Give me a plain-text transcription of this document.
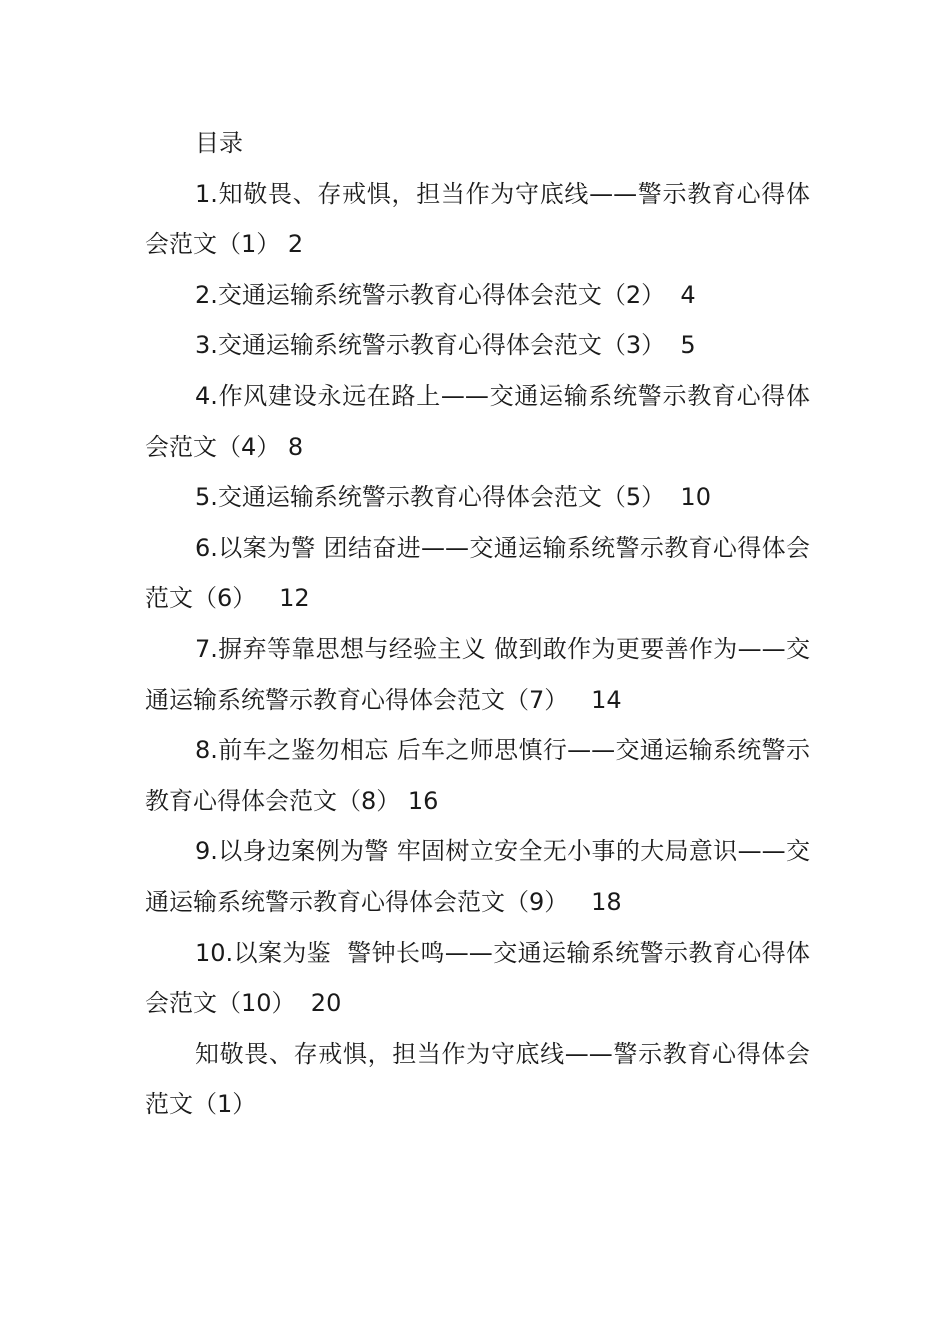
目录

1.知敬畏、存戒惧，担当作为守底线——警示教育心得体会范文（1） 2

2.交通运输系统警示教育心得体会范文（2）  4

3.交通运输系统警示教育心得体会范文（3）  5

4.作风建设永远在路上——交通运输系统警示教育心得体会范文（4） 8

5.交通运输系统警示教育心得体会范文（5）  10

6.以案为警 团结奋进——交通运输系统警示教育心得体会范文（6）   12

7.摒弃等靠思想与经验主义 做到敢作为更要善作为——交通运输系统警示教育心得体会范文（7）   14

8.前车之鉴勿相忘 后车之师思慎行——交通运输系统警示教育心得体会范文（8） 16

9.以身边案例为警 牢固树立安全无小事的大局意识——交通运输系统警示教育心得体会范文（9）   18

10.以案为鉴  警钟长鸣——交通运输系统警示教育心得体会范文（10）  20

知敬畏、存戒惧，担当作为守底线——警示教育心得体会范文（1）
